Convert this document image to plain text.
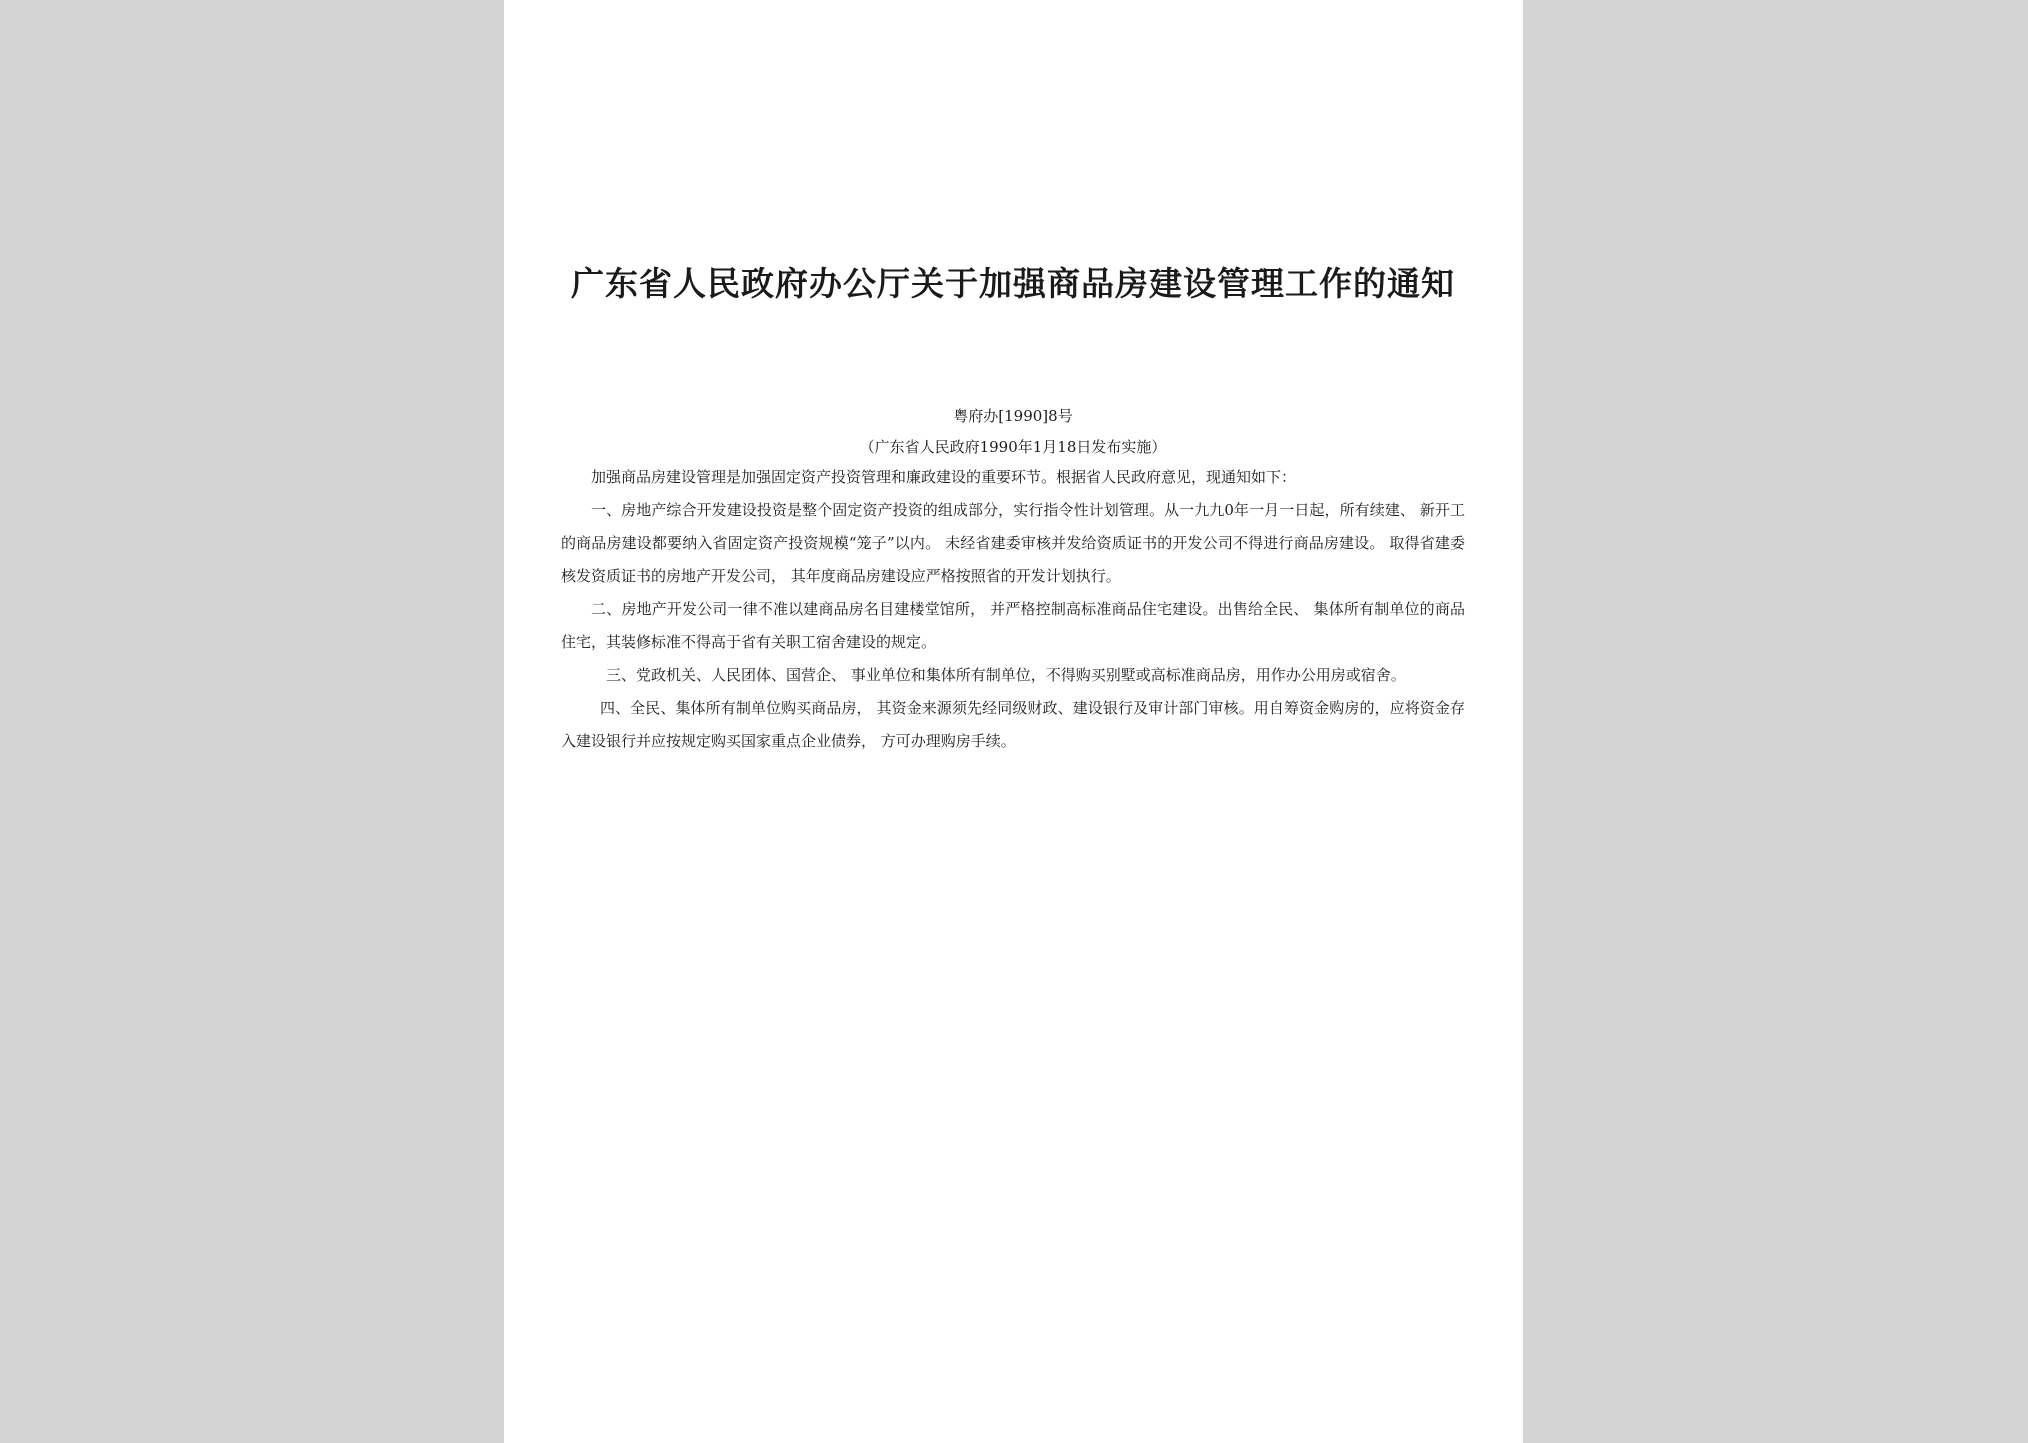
广东省人民政府办公厅关于加强商品房建设管理工作的通知
粤府办[1990]8号
（广东省人民政府1990年1月18日发布实施）

加强商品房建设管理是加强固定资产投资管理和廉政建设的重要环节。根据省人民政府意见，现通知如下：

一、房地产综合开发建设投资是整个固定资产投资的组成部分，实行指令性计划管理。从一九九0年一月一日起，所有续建、 新开工的商品房建设都要纳入省固定资产投资规模“笼子”以内。 未经省建委审核并发给资质证书的开发公司不得进行商品房建设。 取得省建委核发资质证书的房地产开发公司， 其年度商品房建设应严格按照省的开发计划执行。

二、房地产开发公司一律不准以建商品房名目建楼堂馆所， 并严格控制高标准商品住宅建设。出售给全民、 集体所有制单位的商品住宅，其装修标准不得高于省有关职工宿舍建设的规定。

三、党政机关、人民团体、国营企、 事业单位和集体所有制单位，不得购买别墅或高标准商品房，用作办公用房或宿舍。

四、全民、集体所有制单位购买商品房， 其资金来源须先经同级财政、建设银行及审计部门审核。用自筹资金购房的，应将资金存入建设银行并应按规定购买国家重点企业债券， 方可办理购房手续。
